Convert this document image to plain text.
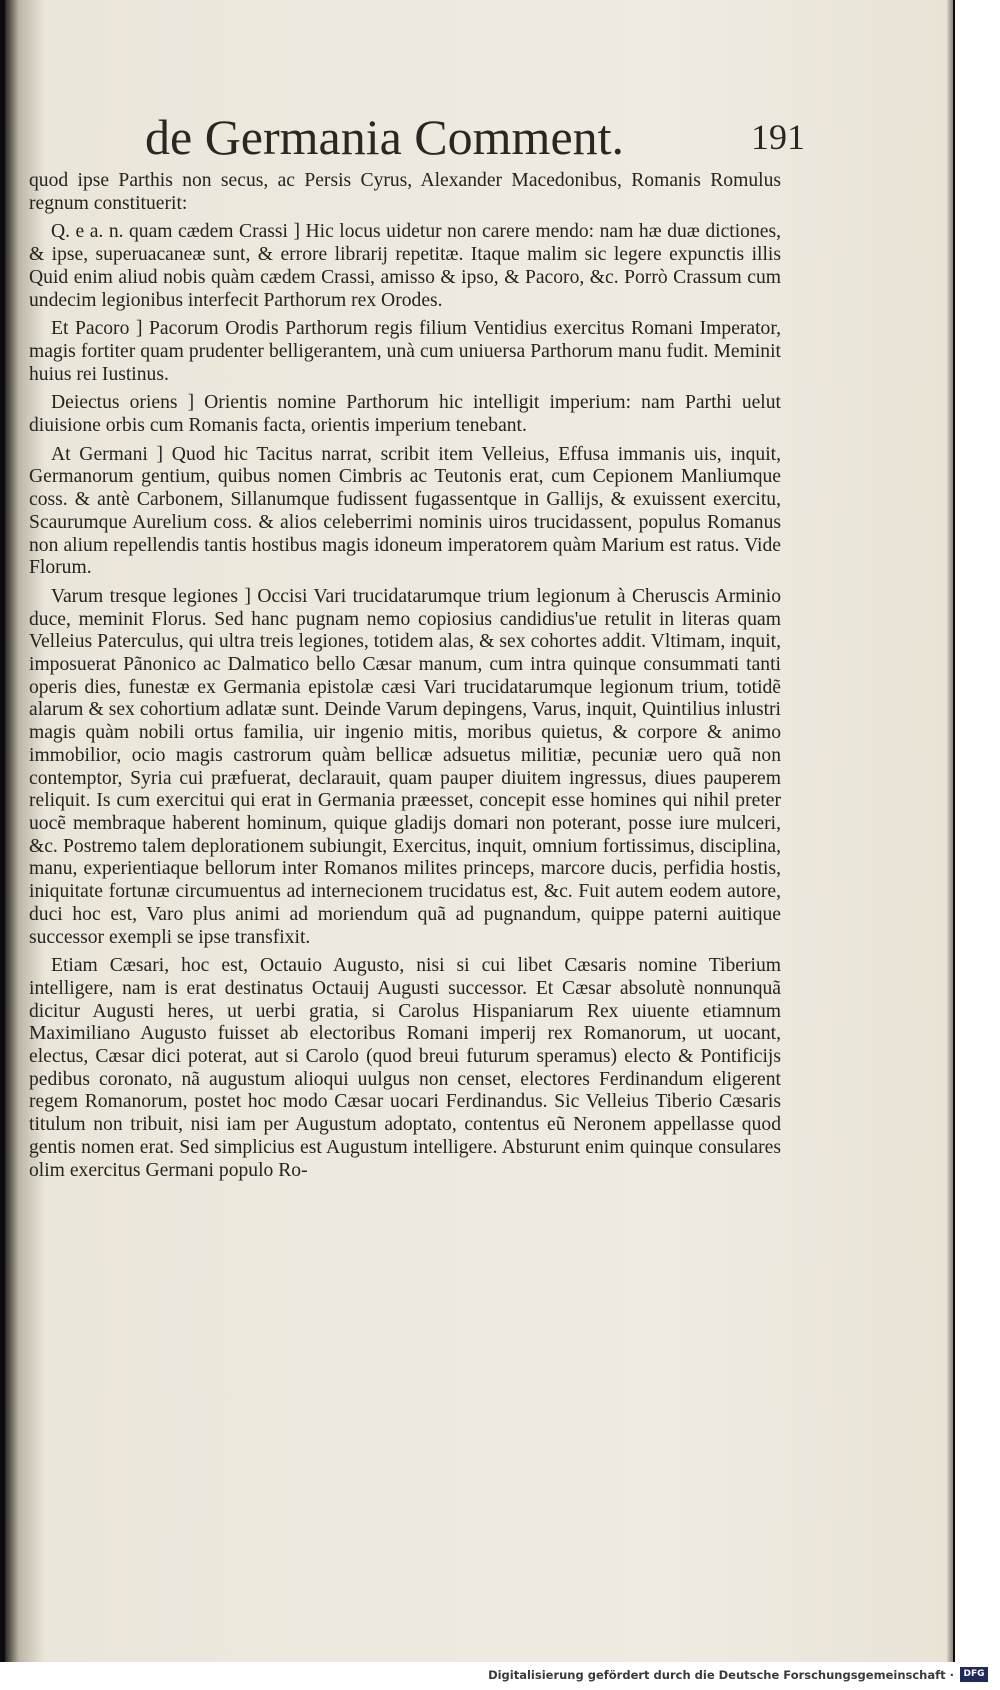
de Germania Comment.	191

quod ipse Parthis non secus, ac Persis Cyrus, Alexander Macedonibus, Romanis Romulus regnum constituerit:

Q. e a. n. quam cædem Crassi ] Hic locus uidetur non carere mendo: nam hæ duæ dictiones, & ipse, superuacaneæ sunt, & errore librarij repetitæ. Itaque malim sic legere expunctis illis Quid enim aliud nobis quàm cædem Crassi, amisso & ipso, & Pacoro, &c. Porrò Crassum cum undecim legionibus interfecit Parthorum rex Orodes.

Et Pacoro ] Pacorum Orodis Parthorum regis filium Ventidius exercitus Romani Imperator, magis fortiter quam prudenter belligerantem, unà cum uniuersa Parthorum manu fudit. Meminit huius rei Iustinus.

Deiectus oriens ] Orientis nomine Parthorum hic intelligit imperium: nam Parthi uelut diuisione orbis cum Romanis facta, orientis imperium tenebant.

At Germani ] Quod hic Tacitus narrat, scribit item Velleius, Effusa immanis uis, inquit, Germanorum gentium, quibus nomen Cimbris ac Teutonis erat, cum Cepionem Manliumque coss. & antè Carbonem, Sillanumque fudissent fugassentque in Gallijs, & exuissent exercitu, Scaurumque Aurelium coss. & alios celeberrimi nominis uiros trucidassent, populus Romanus non alium repellendis tantis hostibus magis idoneum imperatorem quàm Marium est ratus. Vide Florum.

Varum tresque legiones ] Occisi Vari trucidatarumque trium legionum à Cheruscis Arminio duce, meminit Florus. Sed hanc pugnam nemo copiosius candidius'ue retulit in literas quam Velleius Paterculus, qui ultra treis legiones, totidem alas, & sex cohortes addit. Vltimam, inquit, imposuerat Pãnonico ac Dalmatico bello Cæsar manum, cum intra quinque consummati tanti operis dies, funestæ ex Germania epistolæ cæsi Vari trucidatarumque legionum trium, totidẽ alarum & sex cohortium adlatæ sunt. Deinde Varum depingens, Varus, inquit, Quintilius inlustri magis quàm nobili ortus familia, uir ingenio mitis, moribus quietus, & corpore & animo immobilior, ocio magis castrorum quàm bellicæ adsuetus militiæ, pecuniæ uero quã non contemptor, Syria cui præfuerat, declarauit, quam pauper diuitem ingressus, diues pauperem reliquit. Is cum exercitui qui erat in Germania præesset, concepit esse homines qui nihil preter uocẽ membraque haberent hominum, quique gladijs domari non poterant, posse iure mulceri, &c. Postremo talem deplorationem subiungit, Exercitus, inquit, omnium fortissimus, disciplina, manu, experientiaque bellorum inter Romanos milites princeps, marcore ducis, perfidia hostis, iniquitate fortunæ circumuentus ad internecionem trucidatus est, &c. Fuit autem eodem autore, duci hoc est, Varo plus animi ad moriendum quã ad pugnandum, quippe paterni auitique successor exempli se ipse transfixit.

Etiam Cæsari, hoc est, Octauio Augusto, nisi si cui libet Cæsaris nomine Tiberium intelligere, nam is erat destinatus Octauij Augusti successor. Et Cæsar absolutè nonnunquã dicitur Augusti heres, ut uerbi gratia, si Carolus Hispaniarum Rex uiuente etiamnum Maximiliano Augusto fuisset ab electoribus Romani imperij rex Romanorum, ut uocant, electus, Cæsar dici poterat, aut si Carolo (quod breui futurum speramus) electo & Pontificijs pedibus coronato, nã augustum alioqui uulgus non censet, electores Ferdinandum eligerent regem Romanorum, postet hoc modo Cæsar uocari Ferdinandus. Sic Velleius Tiberio Cæsaris titulum non tribuit, nisi iam per Augustum adoptato, contentus eũ Neronem appellasse quod gentis nomen erat. Sed simplicius est Augustum intelligere. Absturunt enim quinque consulares olim exercitus Germani populo Ro-

Digitalisierung gefördert durch die Deutsche Forschungsgemeinschaft ·	DFG
